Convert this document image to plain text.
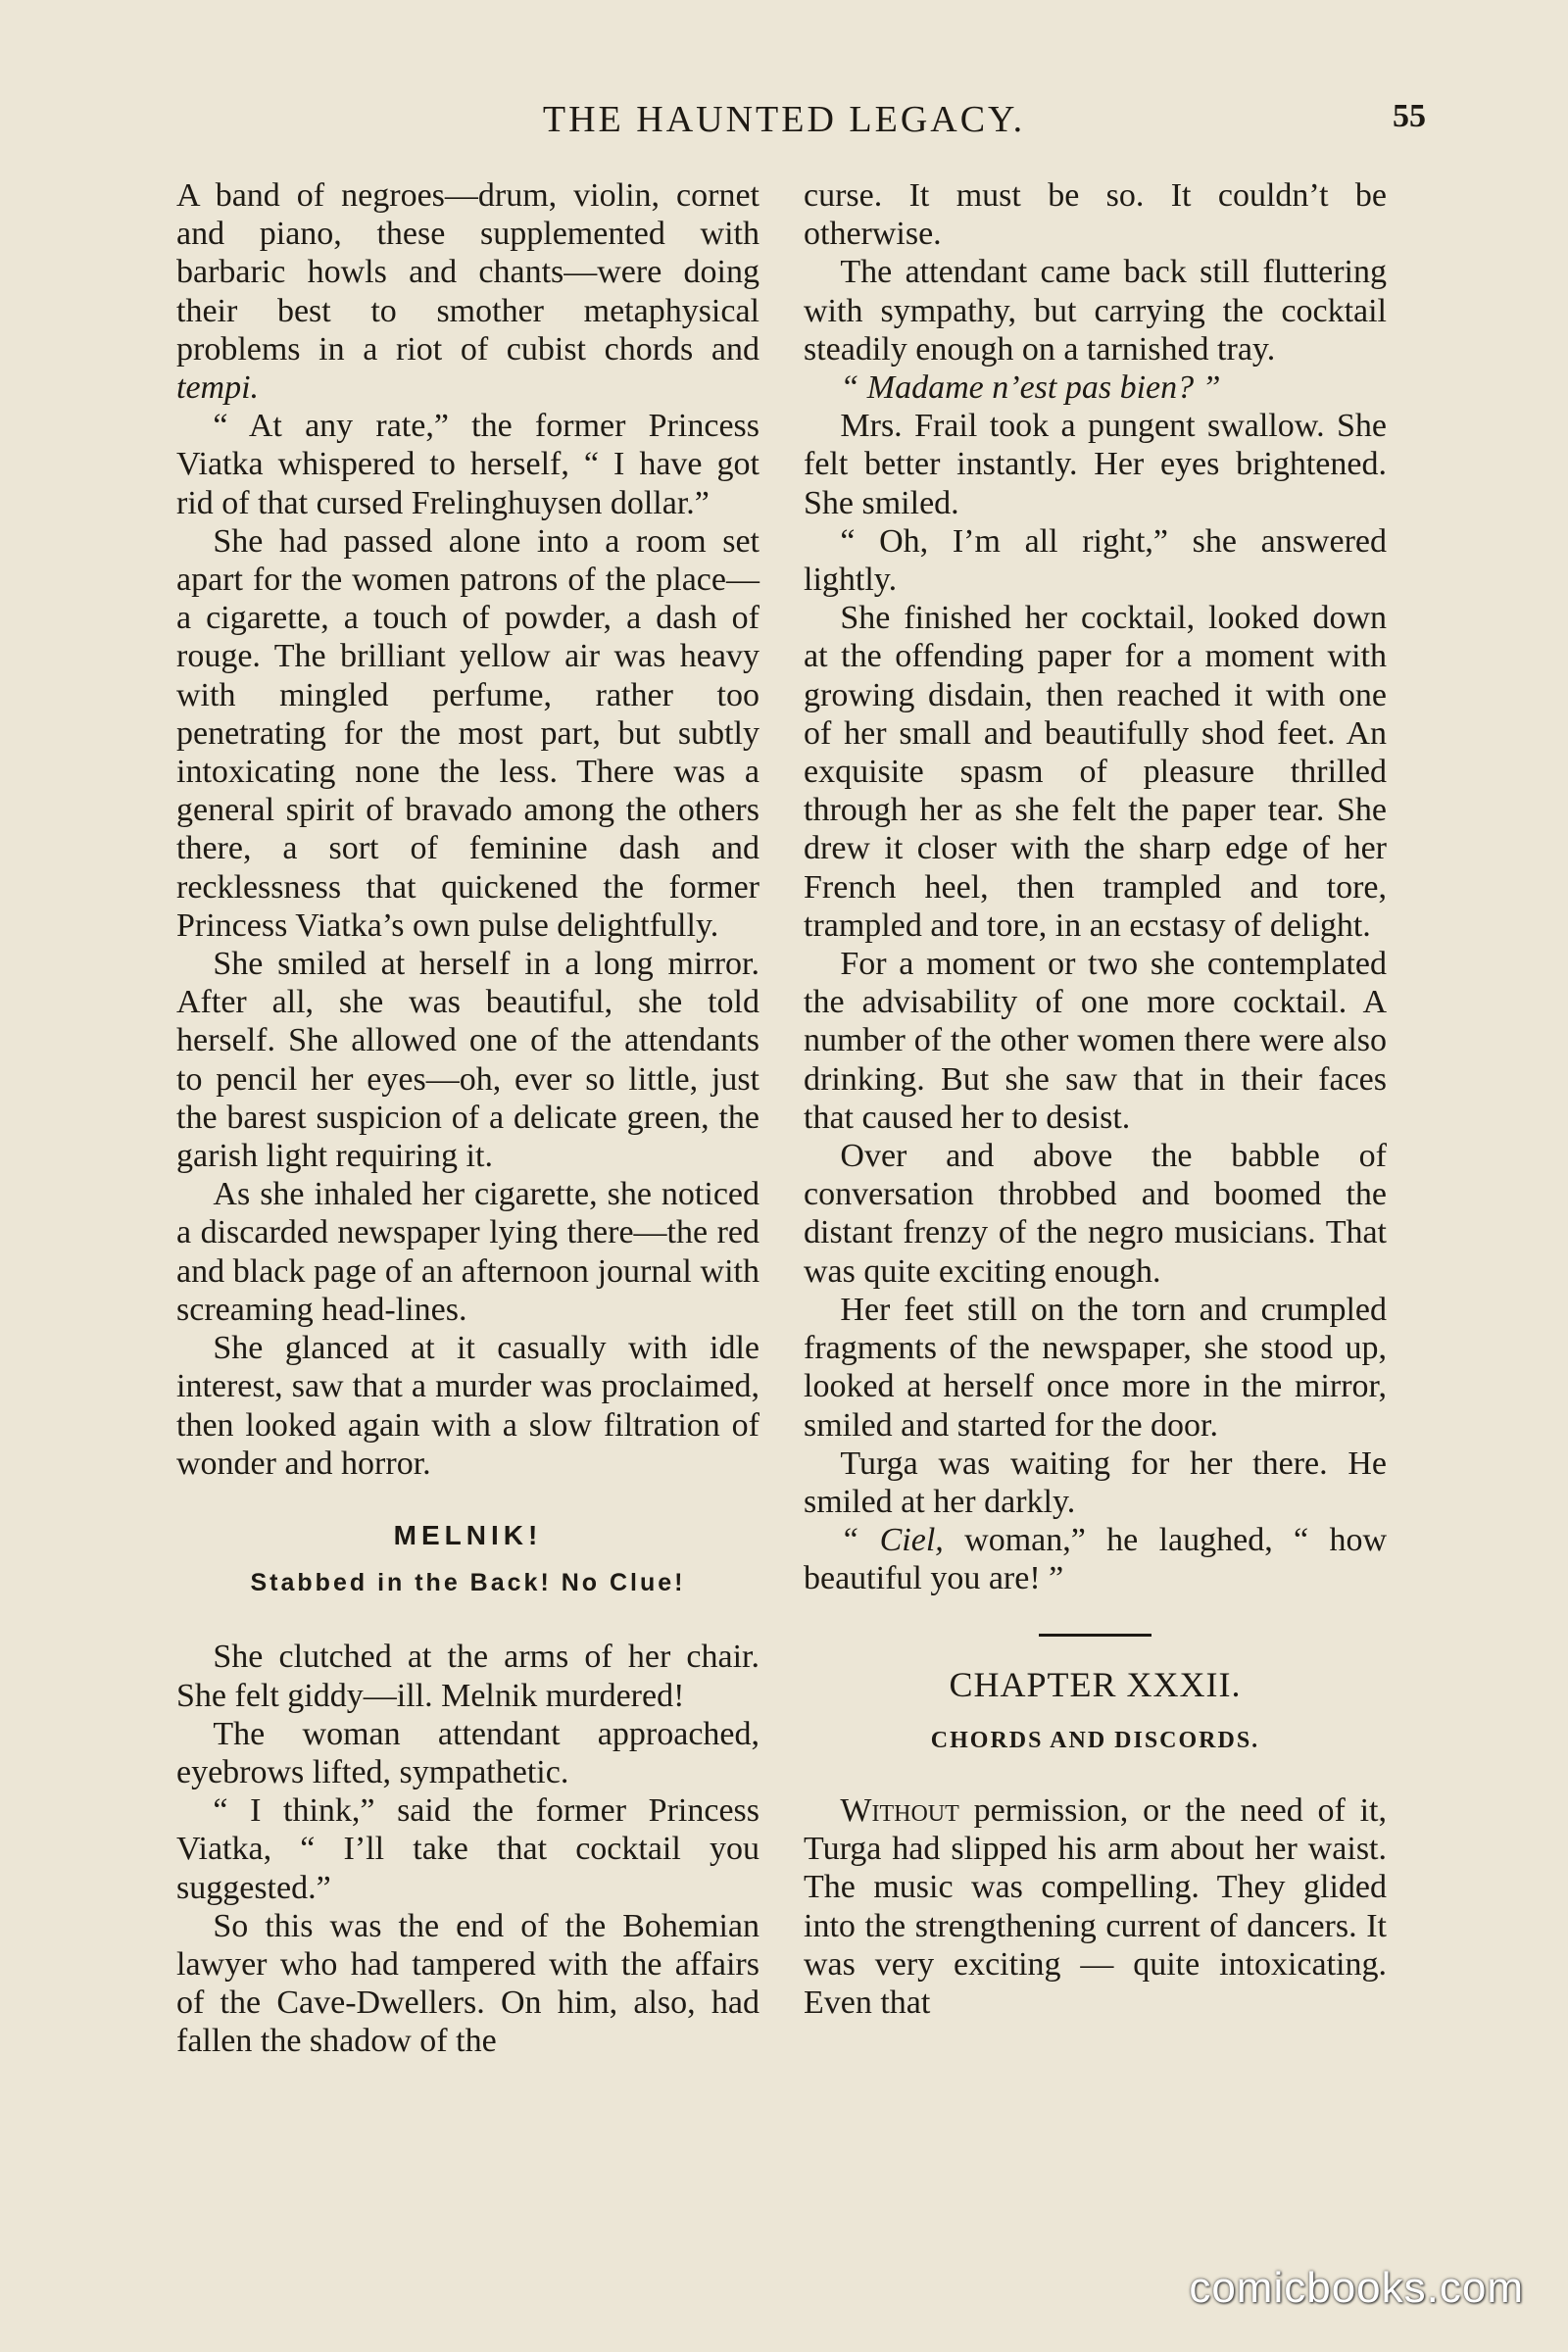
THE HAUNTED LEGACY.	55

A band of negroes—drum, violin, cornet and piano, these supplemented with barbaric howls and chants—were doing their best to smother metaphysical problems in a riot of cubist chords and tempi.

“ At any rate,” the former Princess Viatka whispered to herself, “ I have got rid of that cursed Frelinghuysen dollar.”

She had passed alone into a room set apart for the women patrons of the place—a cigarette, a touch of powder, a dash of rouge. The brilliant yellow air was heavy with mingled perfume, rather too penetrating for the most part, but subtly intoxicating none the less. There was a general spirit of bravado among the others there, a sort of feminine dash and recklessness that quickened the former Princess Viatka’s own pulse delightfully.

She smiled at herself in a long mirror. After all, she was beautiful, she told herself. She allowed one of the attendants to pencil her eyes—oh, ever so little, just the barest suspicion of a delicate green, the garish light requiring it.

As she inhaled her cigarette, she noticed a discarded newspaper lying there—the red and black page of an afternoon journal with screaming head-lines.

She glanced at it casually with idle interest, saw that a murder was proclaimed, then looked again with a slow filtration of wonder and horror.

MELNIK!
Stabbed in the Back! No Clue!

She clutched at the arms of her chair. She felt giddy—ill. Melnik murdered!

The woman attendant approached, eyebrows lifted, sympathetic.

“ I think,” said the former Princess Viatka, “ I’ll take that cocktail you suggested.”

So this was the end of the Bohemian lawyer who had tampered with the affairs of the Cave-Dwellers. On him, also, had fallen the shadow of the

curse. It must be so. It couldn’t be otherwise.

The attendant came back still fluttering with sympathy, but carrying the cocktail steadily enough on a tarnished tray.

“ Madame n’est pas bien? ”

Mrs. Frail took a pungent swallow. She felt better instantly. Her eyes brightened. She smiled.

“ Oh, I’m all right,” she answered lightly.

She finished her cocktail, looked down at the offending paper for a moment with growing disdain, then reached it with one of her small and beautifully shod feet. An exquisite spasm of pleasure thrilled through her as she felt the paper tear. She drew it closer with the sharp edge of her French heel, then trampled and tore, trampled and tore, in an ecstasy of delight.

For a moment or two she contemplated the advisability of one more cocktail. A number of the other women there were also drinking. But she saw that in their faces that caused her to desist.

Over and above the babble of conversation throbbed and boomed the distant frenzy of the negro musicians. That was quite exciting enough.

Her feet still on the torn and crumpled fragments of the newspaper, she stood up, looked at herself once more in the mirror, smiled and started for the door.

Turga was waiting for her there. He smiled at her darkly.

“ Ciel, woman,” he laughed, “ how beautiful you are! ”

CHAPTER XXXII.
CHORDS AND DISCORDS.

Without permission, or the need of it, Turga had slipped his arm about her waist. The music was compelling. They glided into the strengthening current of dancers. It was very exciting — quite intoxicating. Even that

comicbooks.com
